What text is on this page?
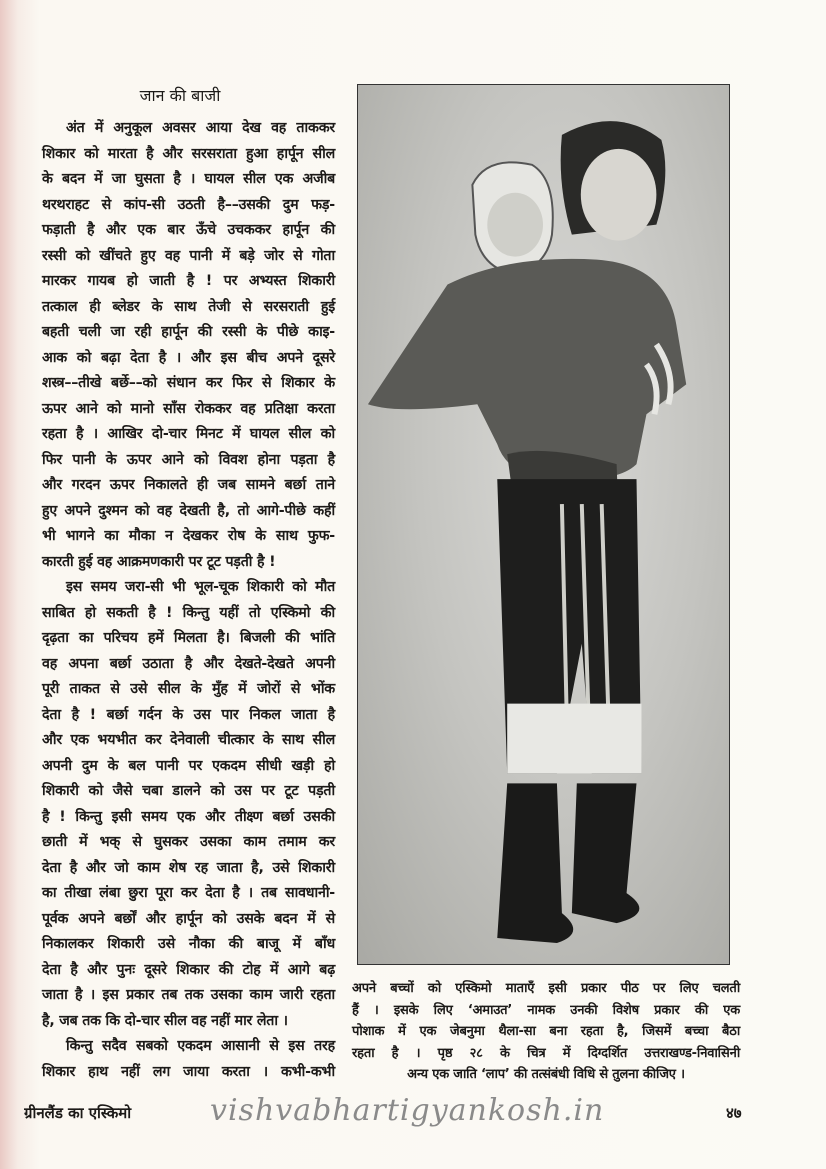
जान की बाजी
अंत में अनुकूल अवसर आया देख वह ताककर
शिकार को मारता है और सरसराता हुआ हार्पून सील
के बदन में जा घुसता है । घायल सील एक अजीब
थरथराहट से कांप-सी उठती है––उसकी दुम फड़-
फड़ाती है और एक बार ऊँचे उचककर हार्पून की
रस्सी को खींचते हुए वह पानी में बड़े जोर से गोता
मारकर गायब हो जाती है ! पर अभ्यस्त शिकारी
तत्काल ही ब्लेडर के साथ तेजी से सरसराती हुई
बहती चली जा रही हार्पून की रस्सी के पीछे काइ-
आक को बढ़ा देता है । और इस बीच अपने दूसरे
शस्त्र––तीखे बर्छे––को संधान कर फिर से शिकार के
ऊपर आने को मानो साँस रोककर वह प्रतिक्षा करता
रहता है । आखिर दो-चार मिनट में घायल सील को
फिर पानी के ऊपर आने को विवश होना पड़ता है
और गरदन ऊपर निकालते ही जब सामने बर्छा ताने
हुए अपने दुश्मन को वह देखती है, तो आगे-पीछे कहीं
भी भागने का मौका न देखकर रोष के साथ फुफ-
कारती हुई वह आक्रमणकारी पर टूट पड़ती है !
इस समय जरा-सी भी भूल-चूक शिकारी को मौत
साबित हो सकती है ! किन्तु यहीं तो एस्किमो की
दृढ़ता का परिचय हमें मिलता है। बिजली की भांति
वह अपना बर्छा उठाता है और देखते-देखते अपनी
पूरी ताकत से उसे सील के मुँह में जोरों से भोंक
देता है ! बर्छा गर्दन के उस पार निकल जाता है
और एक भयभीत कर देनेवाली चीत्कार के साथ सील
अपनी दुम के बल पानी पर एकदम सीधी खड़ी हो
शिकारी को जैसे चबा डालने को उस पर टूट पड़ती
है ! किन्तु इसी समय एक और तीक्ष्ण बर्छा उसकी
छाती में भक् से घुसकर उसका काम तमाम कर
देता है और जो काम शेष रह जाता है, उसे शिकारी
का तीखा लंबा छुरा पूरा कर देता है । तब सावधानी-
पूर्वक अपने बर्छों और हार्पून को उसके बदन में से
निकालकर शिकारी उसे नौका की बाजू में बाँध
देता है और पुनः दूसरे शिकार की टोह में आगे बढ़
जाता है । इस प्रकार तब तक उसका काम जारी रहता
है, जब तक कि दो-चार सील वह नहीं मार लेता ।
किन्तु सदैव सबको एकदम आसानी से इस तरह
शिकार हाथ नहीं लग जाया करता । कभी-कभी
अपने बच्चों को एस्किमो माताएँ इसी प्रकार पीठ पर लिए चलती
हैं । इसके लिए ‘अमाउत’ नामक उनकी विशेष प्रकार की एक
पोशाक में एक जेबनुमा थैला-सा बना रहता है, जिसमें बच्चा बैठा
रहता है । पृष्ठ २८ के चित्र में दिग्दर्शित उत्तराखण्ड-निवासिनी
अन्य एक जाति ‘लाप’ की तत्संबंधी विधि से तुलना कीजिए ।
ग्रीनलैंड का एस्किमो	vishvabhartigyankosh.in	४७
